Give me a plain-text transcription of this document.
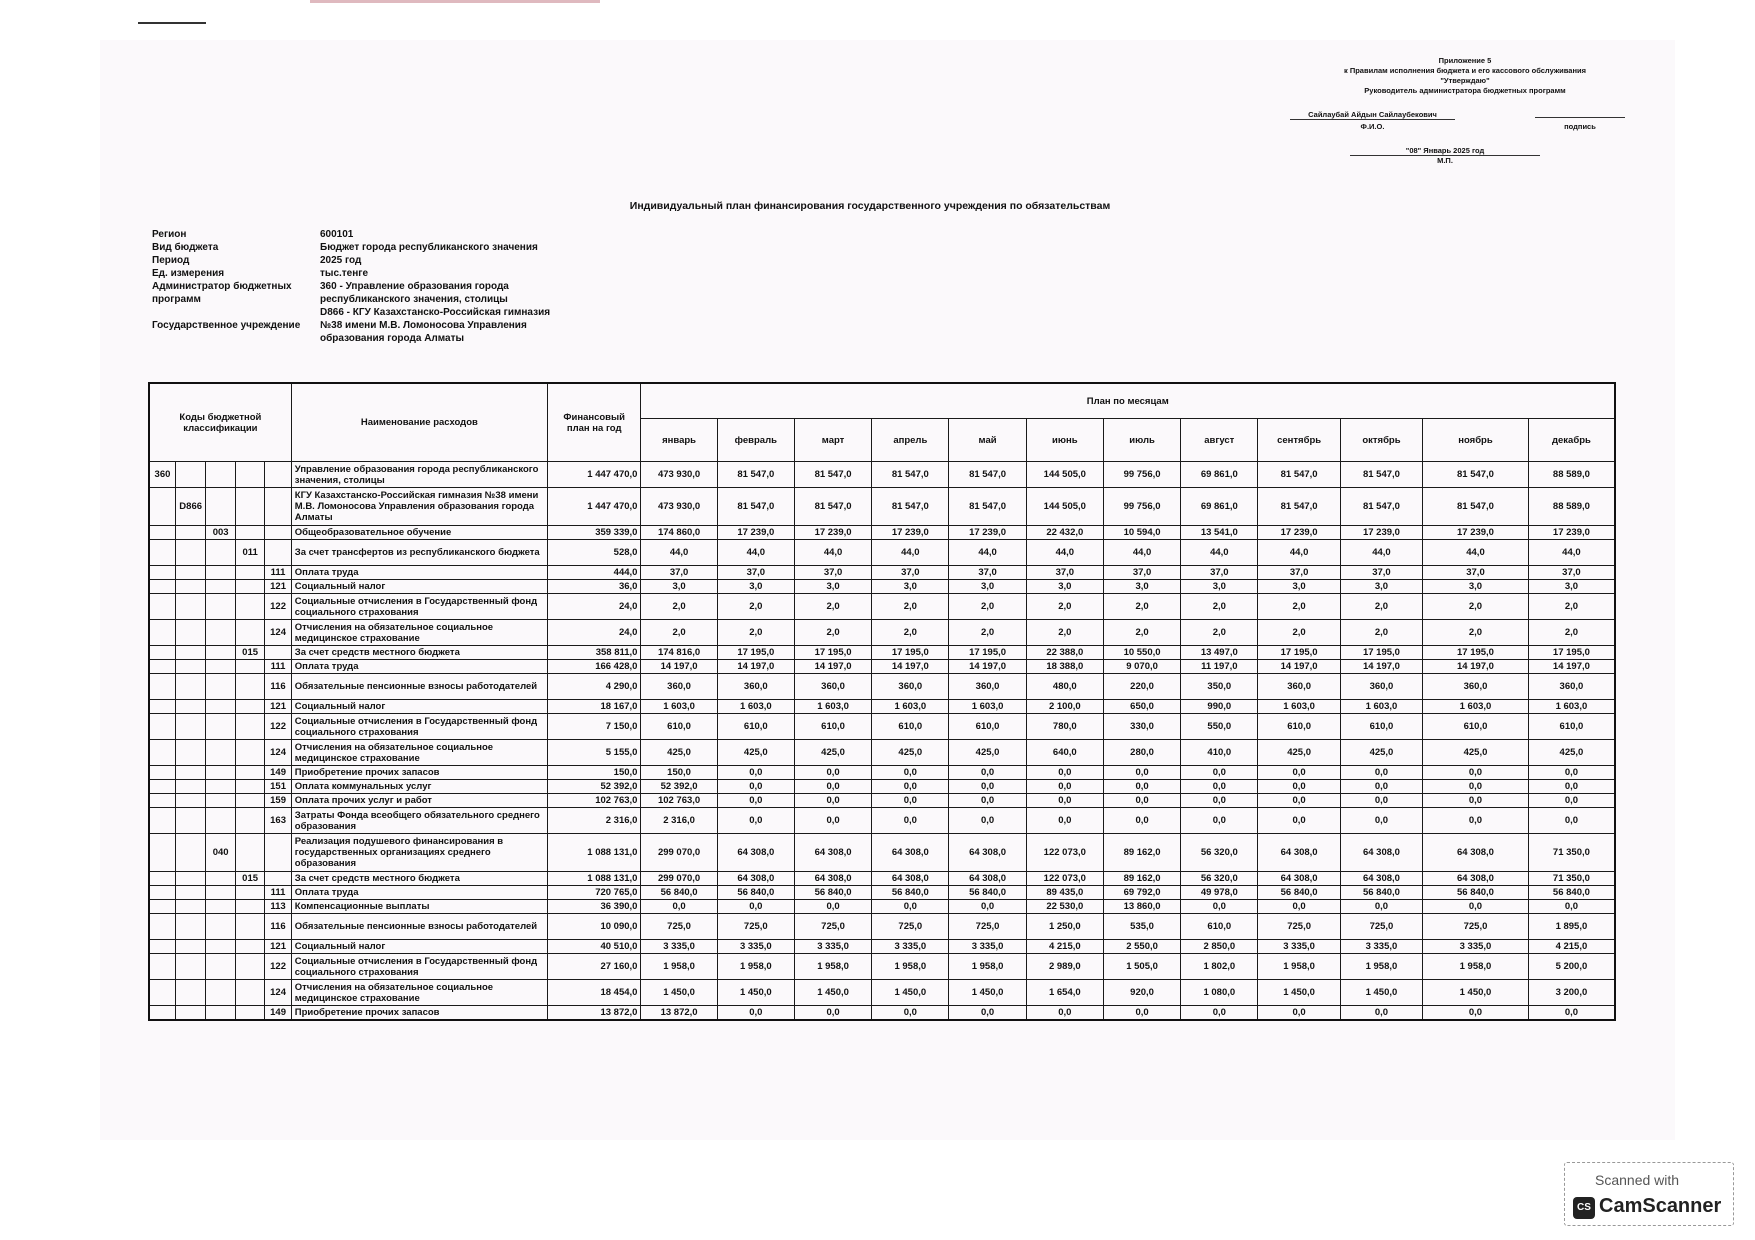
Приложение 5
к Правилам исполнения бюджета и его кассового обслуживания
"Утверждаю"
Руководитель администратора бюджетных программ
Сайлаубай Айдын Сайлаубекович
Ф.И.О.	подпись
"08" Январь 2025 год
М.П.
Индивидуальный план финансирования государственного учреждения по обязательствам
Регион	600101
Вид бюджета	Бюджет города республиканского значения
Период	2025 год
Ед. измерения	тыс.тенге
Администратор бюджетных программ
360 - Управление образования города республиканского значения, столицы
Государственное учреждение
D866 - КГУ Казахстанско-Российская гимназия №38 имени М.В. Ломоносова Управления образования города Алматы
Коды бюджетной классификации					Наименование расходов	Финансовый план на год	План по месяцам											
							январь	февраль	март	апрель	май	июнь	июль	август	сентябрь	октябрь	ноябрь	декабрь
360					Управление образования города республиканского значения, столицы	1 447 470,0	473 930,0	81 547,0	81 547,0	81 547,0	81 547,0	144 505,0	99 756,0	69 861,0	81 547,0	81 547,0	81 547,0	88 589,0
	D866				КГУ Казахстанско-Российская гимназия №38 имени М.В. Ломоносова Управления образования города Алматы	1 447 470,0	473 930,0	81 547,0	81 547,0	81 547,0	81 547,0	144 505,0	99 756,0	69 861,0	81 547,0	81 547,0	81 547,0	88 589,0
		003			Общеобразовательное обучение	359 339,0	174 860,0	17 239,0	17 239,0	17 239,0	17 239,0	22 432,0	10 594,0	13 541,0	17 239,0	17 239,0	17 239,0	17 239,0
			011		За счет трансфертов из республиканского бюджета	528,0	44,0	44,0	44,0	44,0	44,0	44,0	44,0	44,0	44,0	44,0	44,0	44,0
				111	Оплата труда	444,0	37,0	37,0	37,0	37,0	37,0	37,0	37,0	37,0	37,0	37,0	37,0	37,0
				121	Социальный налог	36,0	3,0	3,0	3,0	3,0	3,0	3,0	3,0	3,0	3,0	3,0	3,0	3,0
				122	Социальные отчисления в Государственный фонд социального страхования	24,0	2,0	2,0	2,0	2,0	2,0	2,0	2,0	2,0	2,0	2,0	2,0	2,0
				124	Отчисления на обязательное социальное медицинское страхование	24,0	2,0	2,0	2,0	2,0	2,0	2,0	2,0	2,0	2,0	2,0	2,0	2,0
			015		За счет средств местного бюджета	358 811,0	174 816,0	17 195,0	17 195,0	17 195,0	17 195,0	22 388,0	10 550,0	13 497,0	17 195,0	17 195,0	17 195,0	17 195,0
				111	Оплата труда	166 428,0	14 197,0	14 197,0	14 197,0	14 197,0	14 197,0	18 388,0	9 070,0	11 197,0	14 197,0	14 197,0	14 197,0	14 197,0
				116	Обязательные пенсионные взносы работодателей	4 290,0	360,0	360,0	360,0	360,0	360,0	480,0	220,0	350,0	360,0	360,0	360,0	360,0
				121	Социальный налог	18 167,0	1 603,0	1 603,0	1 603,0	1 603,0	1 603,0	2 100,0	650,0	990,0	1 603,0	1 603,0	1 603,0	1 603,0
				122	Социальные отчисления в Государственный фонд социального страхования	7 150,0	610,0	610,0	610,0	610,0	610,0	780,0	330,0	550,0	610,0	610,0	610,0	610,0
				124	Отчисления на обязательное социальное медицинское страхование	5 155,0	425,0	425,0	425,0	425,0	425,0	640,0	280,0	410,0	425,0	425,0	425,0	425,0
				149	Приобретение прочих запасов	150,0	150,0	0,0	0,0	0,0	0,0	0,0	0,0	0,0	0,0	0,0	0,0	0,0
				151	Оплата коммунальных услуг	52 392,0	52 392,0	0,0	0,0	0,0	0,0	0,0	0,0	0,0	0,0	0,0	0,0	0,0
				159	Оплата прочих услуг и работ	102 763,0	102 763,0	0,0	0,0	0,0	0,0	0,0	0,0	0,0	0,0	0,0	0,0	0,0
				163	Затраты Фонда всеобщего обязательного среднего образования	2 316,0	2 316,0	0,0	0,0	0,0	0,0	0,0	0,0	0,0	0,0	0,0	0,0	0,0
		040			Реализация подушевого финансирования в государственных организациях среднего образования	1 088 131,0	299 070,0	64 308,0	64 308,0	64 308,0	64 308,0	122 073,0	89 162,0	56 320,0	64 308,0	64 308,0	64 308,0	71 350,0
			015		За счет средств местного бюджета	1 088 131,0	299 070,0	64 308,0	64 308,0	64 308,0	64 308,0	122 073,0	89 162,0	56 320,0	64 308,0	64 308,0	64 308,0	71 350,0
				111	Оплата труда	720 765,0	56 840,0	56 840,0	56 840,0	56 840,0	56 840,0	89 435,0	69 792,0	49 978,0	56 840,0	56 840,0	56 840,0	56 840,0
				113	Компенсационные выплаты	36 390,0	0,0	0,0	0,0	0,0	0,0	22 530,0	13 860,0	0,0	0,0	0,0	0,0	0,0
				116	Обязательные пенсионные взносы работодателей	10 090,0	725,0	725,0	725,0	725,0	725,0	1 250,0	535,0	610,0	725,0	725,0	725,0	1 895,0
				121	Социальный налог	40 510,0	3 335,0	3 335,0	3 335,0	3 335,0	3 335,0	4 215,0	2 550,0	2 850,0	3 335,0	3 335,0	3 335,0	4 215,0
				122	Социальные отчисления в Государственный фонд социального страхования	27 160,0	1 958,0	1 958,0	1 958,0	1 958,0	1 958,0	2 989,0	1 505,0	1 802,0	1 958,0	1 958,0	1 958,0	5 200,0
				124	Отчисления на обязательное социальное медицинское страхование	18 454,0	1 450,0	1 450,0	1 450,0	1 450,0	1 450,0	1 654,0	920,0	1 080,0	1 450,0	1 450,0	1 450,0	3 200,0
				149	Приобретение прочих запасов	13 872,0	13 872,0	0,0	0,0	0,0	0,0	0,0	0,0	0,0	0,0	0,0	0,0	0,0
Scanned with
CS CamScanner
